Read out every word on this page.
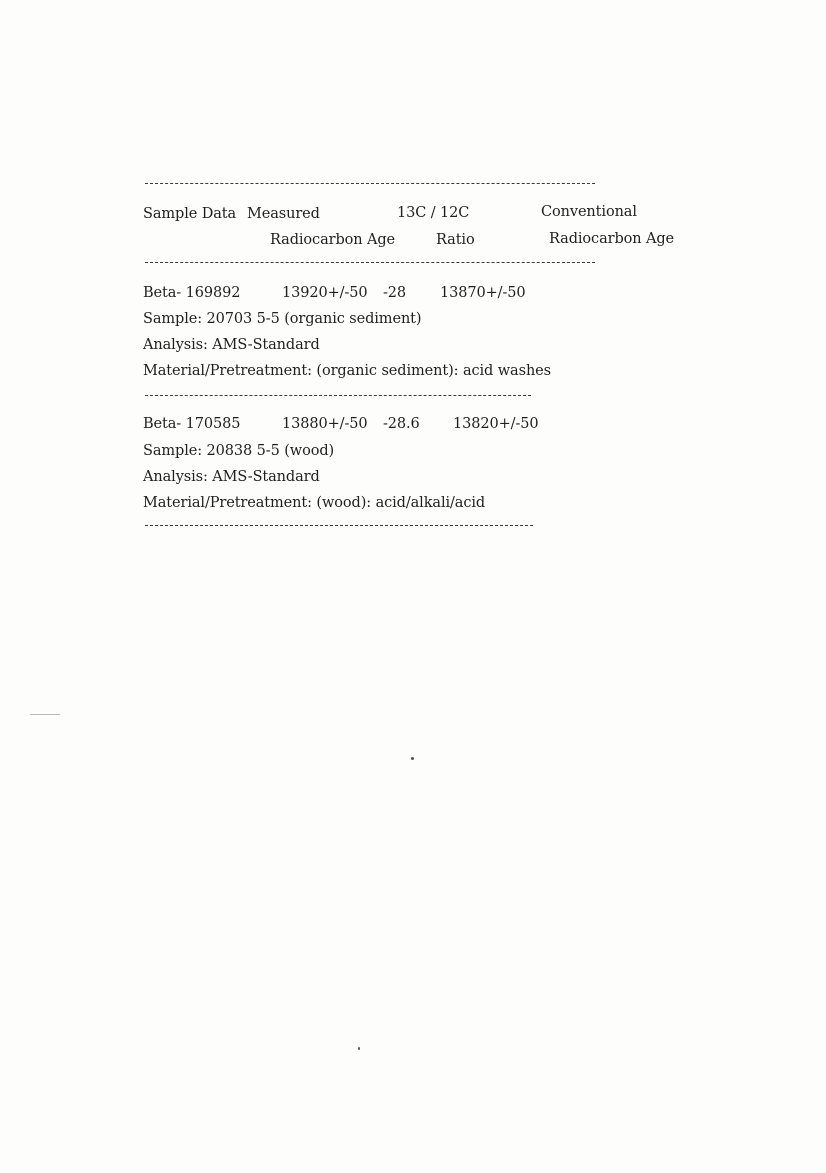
Sample Data Measured
Radiocarbon Age
13C / 12C
Ratio
Conventional
Radiocarbon Age
Beta- 169892	13920+/-50 -28 13870+/-50
Sample: 20703 5-5 (organic sediment)
Analysis: AMS-Standard
Material/Pretreatment: (organic sediment): acid washes
Beta- 170585	13880+/-50 -28.6 13820+/-50
Sample: 20838 5-5 (wood)
Analysis: AMS-Standard
Material/Pretreatment: (wood): acid/alkali/acid
